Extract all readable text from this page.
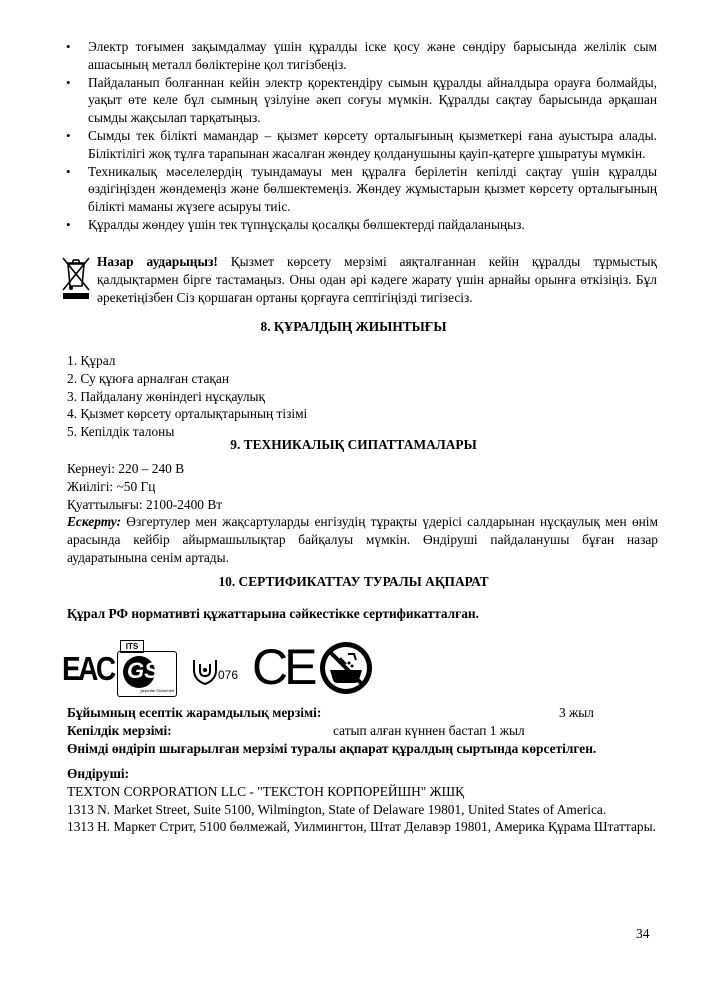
• Электр тоғымен зақымдалмау үшін құралды іске қосу және сөндіру барысында желілік сым ашасының металл бөліктеріне қол тигізбеңіз.
• Пайдаланып болғаннан кейін электр қоректендіру сымын құралды айналдыра орауға болмайды, уақыт өте келе бұл сымның үзілуіне әкеп соғуы мүмкін. Құралды сақтау барысында әрқашан сымды жақсылап тарқатыңыз.
• Сымды тек білікті мамандар – қызмет көрсету орталығының қызметкері ғана ауыстыра алады. Біліктілігі жоқ тұлға тарапынан жасалған жөндеу қолданушыны қауіп-қатерге ұшыратуы мүмкін.
• Техникалық мәселелердің туындамауы мен құралға берілетін кепілді сақтау үшін құралды өздігіңізден жөндемеңіз және бөлшектемеңіз. Жөндеу жұмыстарын қызмет көрсету орталығының білікті маманы жүзеге асыруы тиіс.
• Құралды жөндеу үшін тек түпнұсқалы қосалқы бөлшектерді пайдаланыңыз.
Назар аударыңыз! Қызмет көрсету мерзімі аяқталғаннан кейін құралды тұрмыстық қалдықтармен бірге тастамаңыз. Оны одан әрі кәдеге жарату үшін арнайы орынға өткізіңіз. Бұл әрекетіңізбен Сіз қоршаған ортаны қорғауға септігіңізді тигізесіз.
8. ҚҰРАЛДЫҢ ЖИЫНТЫҒЫ
1. Құрал
2. Су құюға арналған стақан
3. Пайдалану жөніндегі нұсқаулық
4. Қызмет көрсету орталықтарының тізімі
5. Кепілдік талоны
9. ТЕХНИКАЛЫҚ СИПАТТАМАЛАРЫ

Кернеуі: 220 – 240 В

Жиілігі: ~50 Гц

Қуаттылығы: 2100-2400 Вт

Ескерту: Өзгертулер мен жақсартуларды енгізудің тұрақты үдерісі салдарынан нұсқаулық мен өнім арасында кейбір айырмашылықтар байқалуы мүмкін. Өндіруші пайдаланушы бұған назар аударатынына сенім артады.

10. СЕРТИФИКАТТАУ ТУРАЛЫ АҚПАРАТ
Құрал РФ нормативті құжаттарына сәйкестікке сертификатталған.
EAC
ITS
GS
geprüfte Sicherheit
076 CE
Бұйымның есептік жарамдылық мерзімі:	3 жыл
Кепілдік мерзімі:	сатып алған күннен бастап 1 жыл
Өнімді өндіріп шығарылған мерзімі туралы ақпарат құралдың сыртында көрсетілген.

Өндіруші:

TEXTON CORPORATION LLC - "ТЕКСТОН КОРПОРЕЙШН" ЖШҚ

1313 N. Market Street, Suite 5100, Wilmington, State of Delaware 19801, United States of America.

1313 Н. Маркет Стрит, 5100 бөлмежай, Уилмингтон, Штат Делавэр 19801, Америка Құрама Штаттары.

34
